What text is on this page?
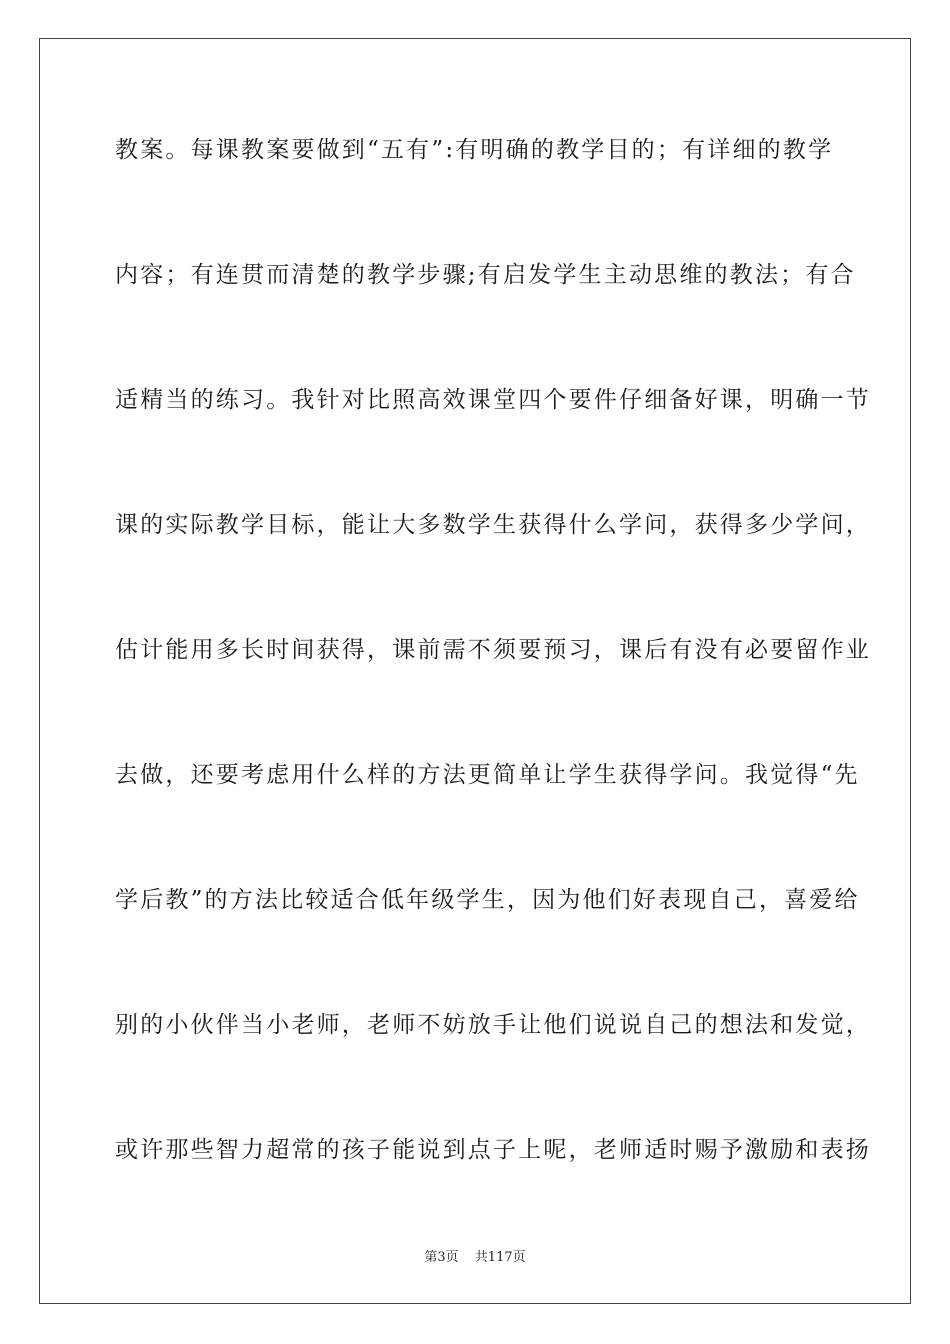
教案。每课教案要做到“五有”:有明确的教学目的；有详细的教学
内容；有连贯而清楚的教学步骤;有启发学生主动思维的教法；有合
适精当的练习。我针对比照高效课堂四个要件仔细备好课，明确一节
课的实际教学目标，能让大多数学生获得什么学问，获得多少学问，
估计能用多长时间获得，课前需不须要预习，课后有没有必要留作业
去做，还要考虑用什么样的方法更简单让学生获得学问。我觉得“先
学后教”的方法比较适合低年级学生，因为他们好表现自己，喜爱给
别的小伙伴当小老师，老师不妨放手让他们说说自己的想法和发觉，
或许那些智力超常的孩子能说到点子上呢，老师适时赐予激励和表扬
第3页 共117页
